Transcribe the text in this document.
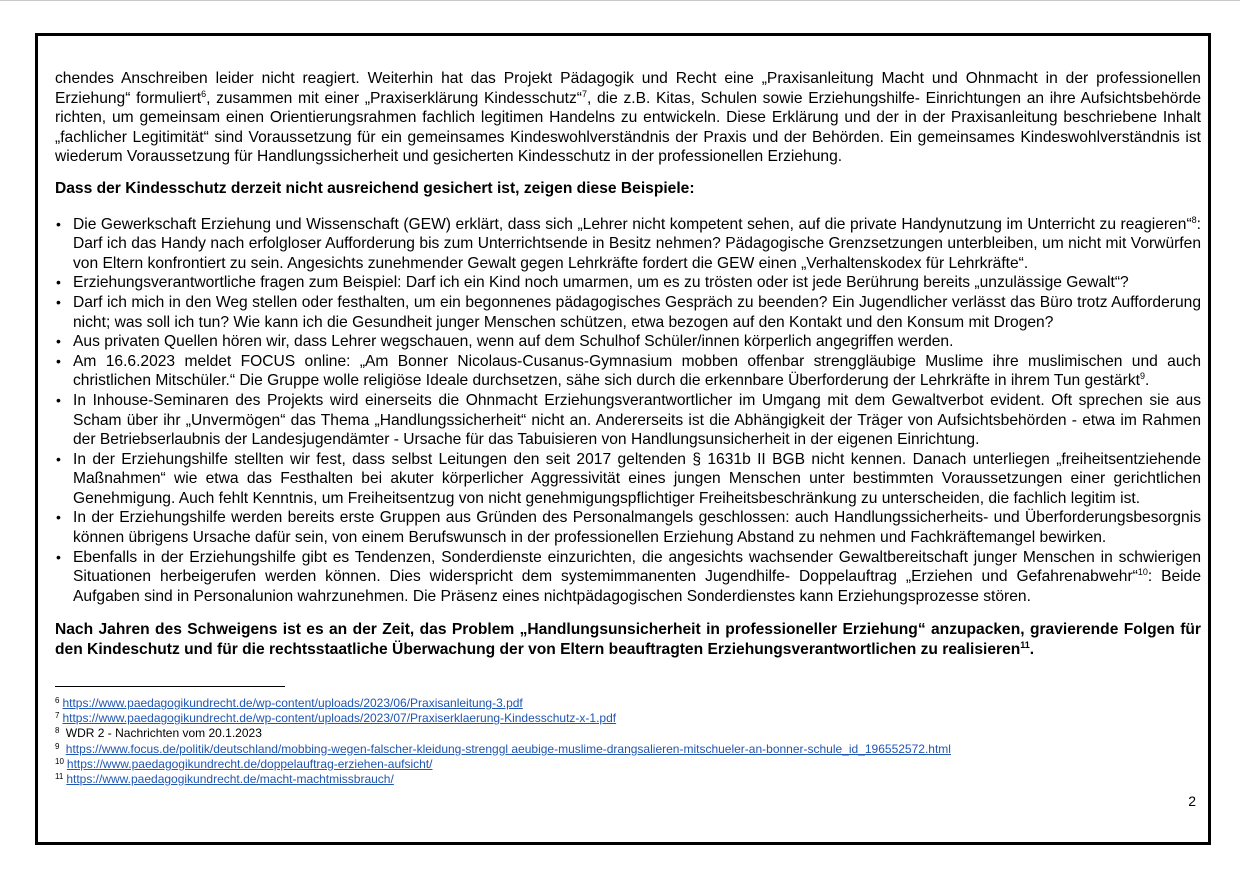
chendes Anschreiben leider nicht reagiert. Weiterhin hat das Projekt Pädagogik und Recht eine „Praxisanleitung Macht und Ohnmacht in der professionellen Erziehung“ formuliert$^6$, zusammen mit einer „Praxiserklärung Kindesschutz“$^7$, die z.B. Kitas, Schulen sowie Erziehungshilfe- Einrichtungen an ihre Aufsichtsbehörde richten, um gemeinsam einen Orientierungsrahmen fachlich legitimen Handelns zu entwickeln. Diese Erklärung und der in der Praxisanleitung beschriebene Inhalt „fachlicher Legitimität“ sind Voraussetzung für ein gemeinsames Kindeswohlverständnis der Praxis und der Behörden. Ein gemeinsames Kindeswohlverständnis ist wiederum Voraussetzung für Handlungssicherheit und gesicherten Kindesschutz in der professionellen Erziehung.

Dass der Kindesschutz derzeit nicht ausreichend gesichert ist, zeigen diese Beispiele:

• Die Gewerkschaft Erziehung und Wissenschaft (GEW) erklärt, dass sich „Lehrer nicht kompetent sehen, auf die private Handynutzung im Unterricht zu reagieren“$^8$: Darf ich das Handy nach erfolgloser Aufforderung bis zum Unterrichtsende in Besitz nehmen? Pädagogische Grenzsetzungen unterbleiben, um nicht mit Vorwürfen von Eltern konfrontiert zu sein. Angesichts zunehmender Gewalt gegen Lehrkräfte fordert die GEW einen „Verhaltenskodex für Lehrkräfte“.
• Erziehungsverantwortliche fragen zum Beispiel: Darf ich ein Kind noch umarmen, um es zu trösten oder ist jede Berührung bereits „unzulässige Gewalt“?
• Darf ich mich in den Weg stellen oder festhalten, um ein begonnenes pädagogisches Gespräch zu beenden? Ein Jugendlicher verlässt das Büro trotz Aufforderung nicht; was soll ich tun? Wie kann ich die Gesundheit junger Menschen schützen, etwa bezogen auf den Kontakt und den Konsum mit Drogen?
• Aus privaten Quellen hören wir, dass Lehrer wegschauen, wenn auf dem Schulhof Schüler/innen körperlich angegriffen werden.
• Am 16.6.2023 meldet FOCUS online: „Am Bonner Nicolaus-Cusanus-Gymnasium mobben offenbar strenggläubige Muslime ihre muslimischen und auch christlichen Mitschüler.“ Die Gruppe wolle religiöse Ideale durchsetzen, sähe sich durch die erkennbare Überforderung der Lehrkräfte in ihrem Tun gestärkt$^9$.
• In Inhouse-Seminaren des Projekts wird einerseits die Ohnmacht Erziehungsverantwortlicher im Umgang mit dem Gewaltverbot evident. Oft sprechen sie aus Scham über ihr „Unvermögen“ das Thema „Handlungssicherheit“ nicht an. Andererseits ist die Abhängigkeit der Träger von Aufsichtsbehörden - etwa im Rahmen der Betriebserlaubnis der Landesjugendämter - Ursache für das Tabuisieren von Handlungsunsicherheit in der eigenen Einrichtung.
• In der Erziehungshilfe stellten wir fest, dass selbst Leitungen den seit 2017 geltenden § 1631b II BGB nicht kennen. Danach unterliegen „freiheitsentziehende Maßnahmen“ wie etwa das Festhalten bei akuter körperlicher Aggressivität eines jungen Menschen unter bestimmten Voraussetzungen einer gerichtlichen Genehmigung. Auch fehlt Kenntnis, um Freiheitsentzug von nicht genehmigungspflichtiger Freiheitsbeschränkung zu unterscheiden, die fachlich legitim ist.
• In der Erziehungshilfe werden bereits erste Gruppen aus Gründen des Personalmangels geschlossen: auch Handlungssicherheits- und Überforderungsbesorgnis können übrigens Ursache dafür sein, von einem Berufswunsch in der professionellen Erziehung Abstand zu nehmen und Fachkräftemangel bewirken.
• Ebenfalls in der Erziehungshilfe gibt es Tendenzen, Sonderdienste einzurichten, die angesichts wachsender Gewaltbereitschaft junger Menschen in schwierigen Situationen herbeigerufen werden können. Dies widerspricht dem systemimmanenten Jugendhilfe- Doppelauftrag „Erziehen und Gefahrenabwehr“$^{10}$: Beide Aufgaben sind in Personalunion wahrzunehmen. Die Präsenz eines nichtpädagogischen Sonderdienstes kann Erziehungsprozesse stören.

Nach Jahren des Schweigens ist es an der Zeit, das Problem „Handlungsunsicherheit in professioneller Erziehung“ anzupacken, gravierende Folgen für den Kindeschutz und für die rechtsstaatliche Überwachung der von Eltern beauftragten Erziehungsverantwortlichen zu realisieren$^{11}$.

$^6$ https://www.paedagogikundrecht.de/wp-content/uploads/2023/06/Praxisanleitung-3.pdf
$^7$ https://www.paedagogikundrecht.de/wp-content/uploads/2023/07/Praxiserklaerung-Kindesschutz-x-1.pdf
$^8$ WDR 2 - Nachrichten vom 20.1.2023
$^9$ https://www.focus.de/politik/deutschland/mobbing-wegen-falscher-kleidung-strenggl aeubige-muslime-drangsalieren-mitschueler-an-bonner-schule_id_196552572.html
$^{10}$ https://www.paedagogikundrecht.de/doppelauftrag-erziehen-aufsicht/
$^{11}$ https://www.paedagogikundrecht.de/macht-machtmissbrauch/
2
